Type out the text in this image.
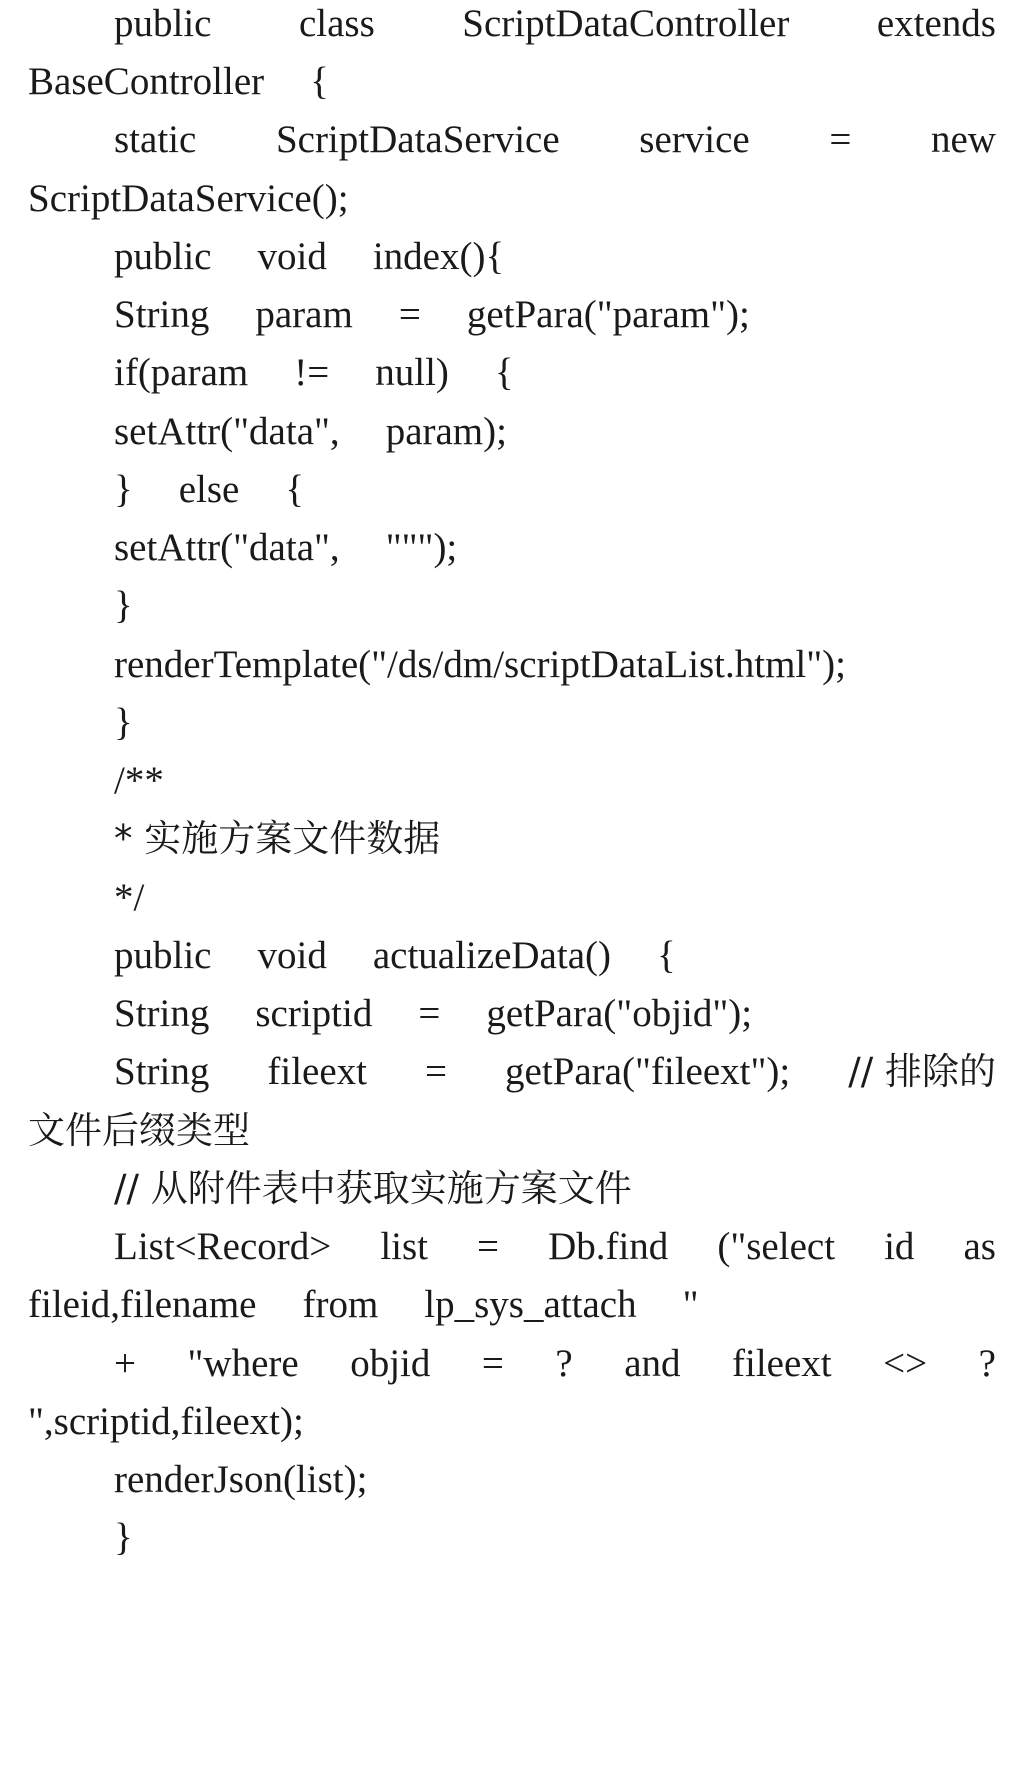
public class ScriptDataController extends
BaseController {
static ScriptDataService service = new
ScriptDataService();
public void index(){
String param = getPara("param");
if(param != null) {
setAttr("data", param);
} else {
setAttr("data", """);
}
renderTemplate("/ds/dm/scriptDataList.html");
}
/**
* 实施方案文件数据
*/
public void actualizeData() {
String scriptid = getPara("objid");
String fileext = getPara("fileext"); // 排除的
文件后缀类型
// 从附件表中获取实施方案文件
List<Record> list = Db.find ("select id as
fileid,filename from lp_sys_attach "
+ "where objid = ? and fileext <> ?
",scriptid,fileext);
renderJson(list);
}
